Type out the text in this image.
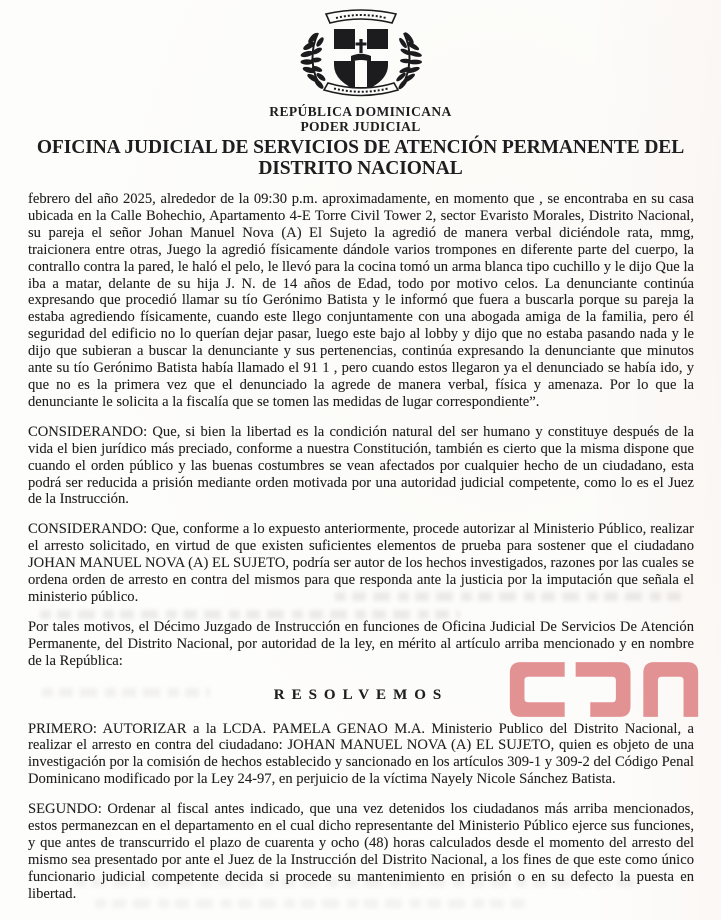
REPÚBLICA DOMINICANA
PODER JUDICIAL
OFICINA JUDICIAL DE SERVICIOS DE ATENCIÓN PERMANENTE DEL
DISTRITO NACIONAL

febrero del año 2025, alrededor de la 09:30 p.m. aproximadamente, en momento que , se encontraba en su casa ubicada en la Calle Bohechio, Apartamento 4-E Torre Civil Tower 2, sector Evaristo Morales, Distrito Nacional, su pareja el señor Johan Manuel Nova (A) El Sujeto la agredió de manera verbal diciéndole rata, mmg, traicionera entre otras, Juego la agredió físicamente dándole varios trompones en diferente parte del cuerpo, la contrallo contra la pared, le haló el pelo, le llevó para la cocina tomó un arma blanca tipo cuchillo y le dijo Que la iba a matar, delante de su hija J. N. de 14 años de Edad, todo por motivo celos. La denunciante continúa expresando que procedió llamar su tío Gerónimo Batista y le informó que fuera a buscarla porque su pareja la estaba agrediendo físicamente, cuando este llego conjuntamente con una abogada amiga de la familia, pero él seguridad del edificio no lo querían dejar pasar, luego este bajo al lobby y dijo que no estaba pasando nada y le dijo que subieran a buscar la denunciante y sus pertenencias, continúa expresando la denunciante que minutos ante su tío Gerónimo Batista había llamado el 91 1 , pero cuando estos llegaron ya el denunciado se había ido, y que no es la primera vez que el denunciado la agrede de manera verbal, física y amenaza. Por lo que la denunciante le solicita a la fiscalía que se tomen las medidas de lugar correspondiente”.

CONSIDERANDO: Que, si bien la libertad es la condición natural del ser humano y constituye después de la vida el bien jurídico más preciado, conforme a nuestra Constitución, también es cierto que la misma dispone que cuando el orden público y las buenas costumbres se vean afectados por cualquier hecho de un ciudadano, esta podrá ser reducida a prisión mediante orden motivada por una autoridad judicial competente, como lo es el Juez de la Instrucción.

CONSIDERANDO: Que, conforme a lo expuesto anteriormente, procede autorizar al Ministerio Público, realizar el arresto solicitado, en virtud de que existen suficientes elementos de prueba para sostener que el ciudadano JOHAN MANUEL NOVA (A) EL SUJETO, podría ser autor de los hechos investigados, razones por las cuales se ordena orden de arresto en contra del mismos para que responda ante la justicia por la imputación que señala el ministerio público.

Por tales motivos, el Décimo Juzgado de Instrucción en funciones de Oficina Judicial De Servicios De Atención Permanente, del Distrito Nacional, por autoridad de la ley, en mérito al artículo arriba mencionado y en nombre de la República:

RESOLVEMOS

PRIMERO: AUTORIZAR a la LCDA. PAMELA GENAO M.A. Ministerio Publico del Distrito Nacional, a realizar el arresto en contra del ciudadano: JOHAN MANUEL NOVA (A) EL SUJETO, quien es objeto de una investigación por la comisión de hechos establecido y sancionado en los artículos 309-1 y 309-2 del Código Penal Dominicano modificado por la Ley 24-97, en perjuicio de la víctima Nayely Nicole Sánchez Batista.

SEGUNDO: Ordenar al fiscal antes indicado, que una vez detenidos los ciudadanos más arriba mencionados, estos permanezcan en el departamento en el cual dicho representante del Ministerio Público ejerce sus funciones, y que antes de transcurrido el plazo de cuarenta y ocho (48) horas calculados desde el momento del arresto del mismo sea presentado por ante el Juez de la Instrucción del Distrito Nacional, a los fines de que este como único funcionario judicial competente decida si procede su mantenimiento en prisión o en su defecto la puesta en libertad.
